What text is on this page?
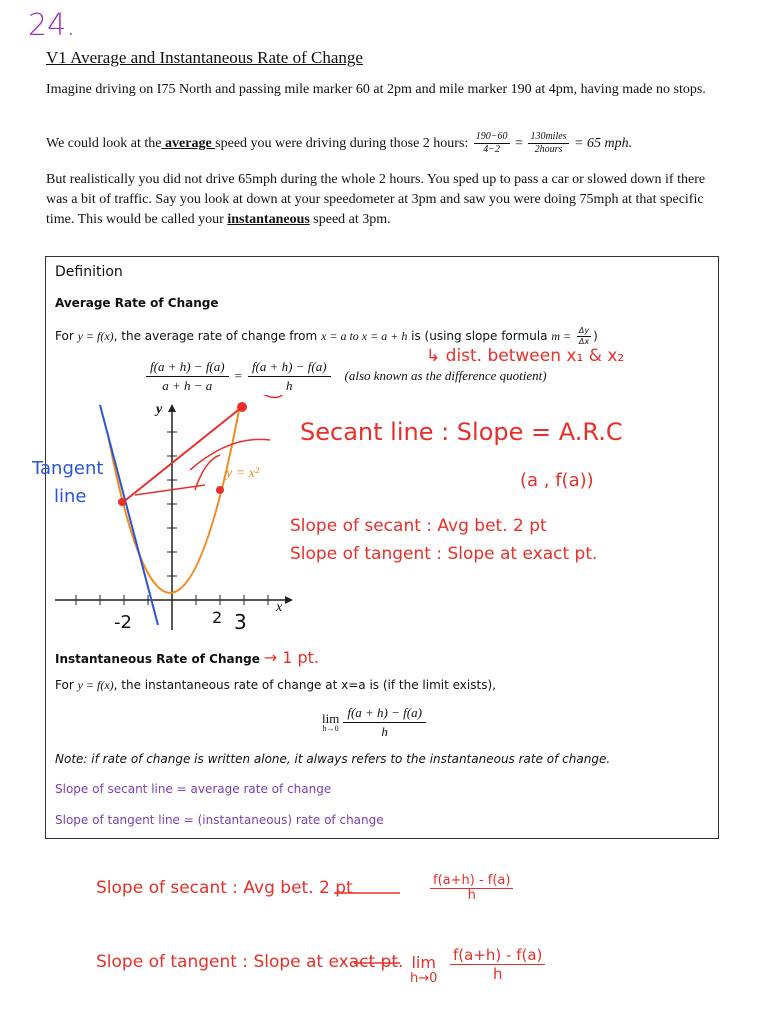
24.
V1 Average and Instantaneous Rate of Change

Imagine driving on I75 North and passing mile marker 60 at 2pm and mile marker 190 at 4pm, having made no stops.

We could look at the average speed you were driving during those 2 hours: $\frac{190-60}{4-2} = \frac{\text{130miles}}{\text{2hours}} = 65$ mph.

But realistically you did not drive 65mph during the whole 2 hours. You sped up to pass a car or slowed down if there was a bit of traffic. Say you look at down at your speedometer at 3pm and saw you were doing 75mph at that specific time. This would be called your instantaneous speed at 3pm.

Definition
Average Rate of Change
For y = f(x), the average rate of change from x = a to x = a + h is (using slope formula $m = \frac{\Delta y}{\Delta x}$ )
$\frac{f(a + h) - f(a)}{a + h - a} = \frac{f(a + h) - f(a)}{h}$ (also known as the difference quotient)
y
x
y = x²
-2	2 3
↳ dist. between x₁ & x₂
Secant line : Slope = A.R.C
(a , f(a))
Tangent
line
Slope of secant : Avg bet. 2 pt
Slope of tangent : Slope at exact pt.
Instantaneous Rate of Change → 1 pt.
For y = f(x), the instantaneous rate of change at x=a is (if the limit exists),
lim
$h\to 0 \frac{f(a + h) - f(a)}{h}$
Note: if rate of change is written alone, it always refers to the instantaneous rate of change.
Slope of secant line = average rate of change
Slope of tangent line = (instantaneous) rate of change
Slope of secant : Avg bet. 2 pt	f(a+h) - f(a)
h
Slope of tangent : Slope at exact pt. lim
h→0
f(a+h) - f(a)
h
